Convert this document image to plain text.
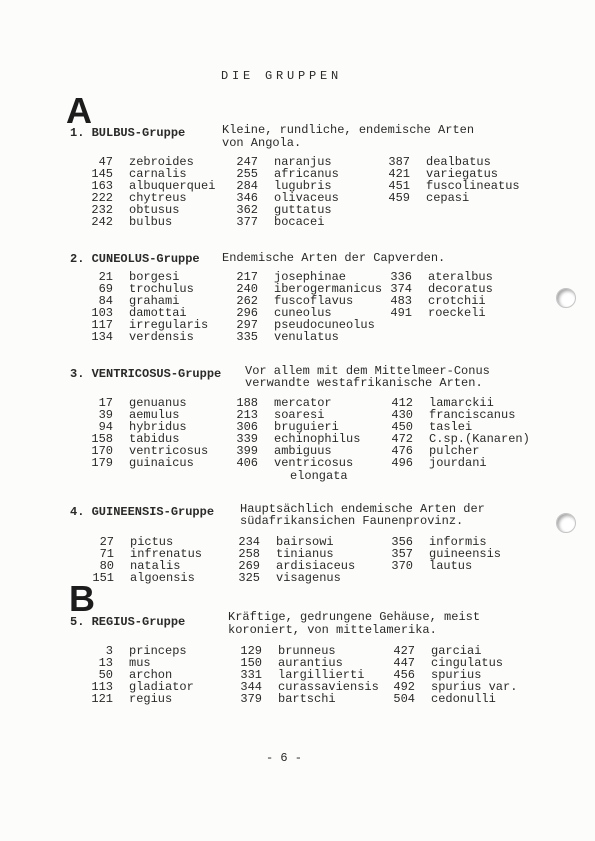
DIE GRUPPEN
A
1. BULBUS-Gruppe	Kleine, rundliche, endemische Arten
von Angola.
47 zebroides
145 carnalis
163 albuquerquei
222 chytreus
232 obtusus
242 bulbus
247 naranjus
255 africanus
284 lugubris
346 olivaceus
362 guttatus
377 bocacei
387 dealbatus
421 variegatus
451 fuscolineatus
459 cepasi
2. CUNEOLUS-Gruppe Endemische Arten der Capverden.
21 borgesi
69 trochulus
84 grahami
103 damottai
117 irregularis
134 verdensis
217 josephinae
240 iberogermanicus
262 fuscoflavus
296 cuneolus
297 pseudocuneolus
335 venulatus
336 ateralbus
374 decoratus
483 crotchii
491 roeckeli
3. VENTRICOSUS-Gruppe Vor allem mit dem Mittelmeer-Conus
verwandte westafrikanische Arten.
17 genuanus
39 aemulus
94 hybridus
158 tabidus
170 ventricosus
179 guinaicus
188 mercator
213 soaresi
306 bruguieri
339 echinophilus
399 ambiguus
406 ventricosus
elongata
412 lamarckii
430 franciscanus
450 taslei
472 C.sp.(Kanaren)
476 pulcher
496 jourdani
4. GUINEENSIS-Gruppe Hauptsächlich endemische Arten der
südafrikansichen Faunenprovinz.
27 pictus
71 infrenatus
80 natalis
151 algoensis
234 bairsowi
258 tinianus
269 ardisiaceus
325 visagenus
356 informis
357 guineensis
370 lautus
B
5. REGIUS-Gruppe	Kräftige, gedrungene Gehäuse, meist
koroniert, von mittelamerika.
3 princeps
13 mus
50 archon
113 gladiator
121 regius
129 brunneus
150 aurantius
331 largillierti
344 curassaviensis
379 bartschi
427 garciai
447 cingulatus
456 spurius
492 spurius var.
504 cedonulli
- 6 -
